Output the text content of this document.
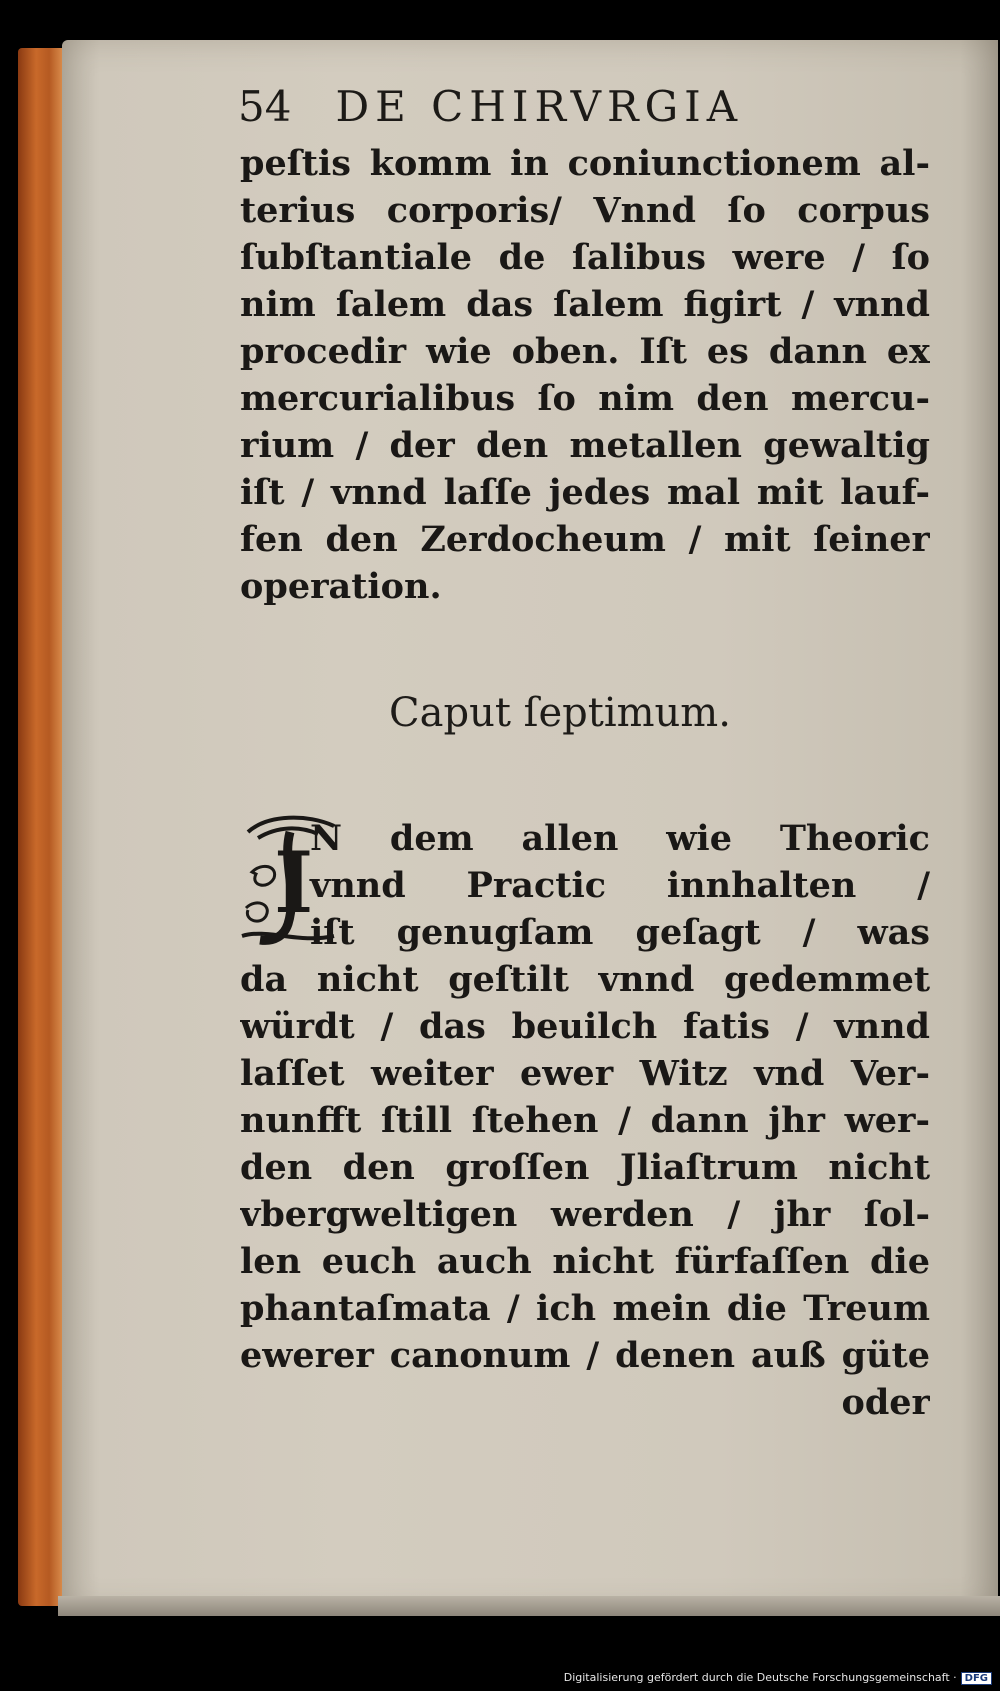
54 DE CHIRVRGIA
peſtis komm in coniunctionem al-
terius corporis/ Vnnd ſo corpus
ſubſtantiale de ſalibus were / ſo
nim ſalem das ſalem figirt / vnnd
procedir wie oben. Iſt es dann ex
mercurialibus ſo nim den mercu-
rium / der den metallen gewaltig
iſt / vnnd laſſe jedes mal mit lauf-
fen den Zerdocheum / mit ſeiner
operation.
Caput ſeptimum.
I
N dem allen wie Theoric
vnnd Practic innhalten /
iſt genugſam geſagt / was
da nicht geſtilt vnnd gedemmet
würdt / das beuilch fatis / vnnd
laſſet weiter ewer Witz vnd Ver-
nunfft ſtill ſtehen / dann jhr wer-
den den groſſen Jliaſtrum nicht
vbergweltigen werden / jhr ſol-
len euch auch nicht fürfaſſen die
phantaſmata / ich mein die Treum
ewerer canonum / denen auß güte
oder
Digitalisierung gefördert durch die Deutsche Forschungsgemeinschaft · DFG
